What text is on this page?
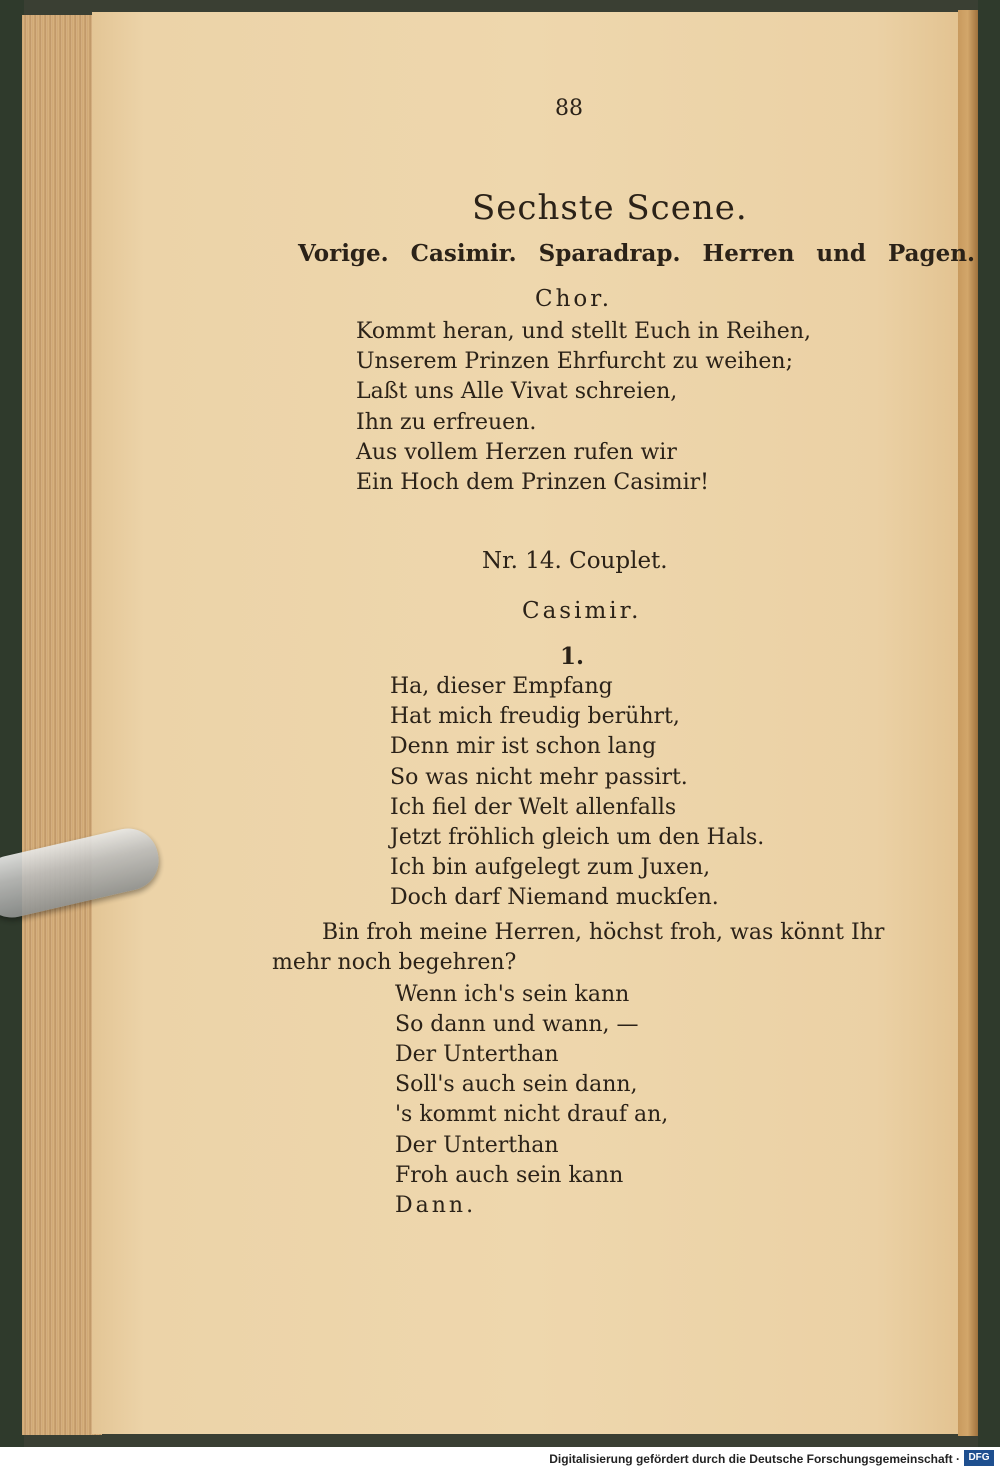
88
Sechste Scene.
Vorige. Casimir. Sparadrap. Herren und Pagen.
Chor.
Kommt heran, und stellt Euch in Reihen,
Unserem Prinzen Ehrfurcht zu weihen;
Laßt uns Alle Vivat schreien,
Ihn zu erfreuen.
Aus vollem Herzen rufen wir
Ein Hoch dem Prinzen Casimir!
Nr. 14. Couplet.
Casimir.
1.
Ha, dieser Empfang
Hat mich freudig berührt,
Denn mir ist schon lang
So was nicht mehr passirt.
Ich fiel der Welt allenfalls
Jetzt fröhlich gleich um den Hals.
Ich bin aufgelegt zum Juxen,
Doch darf Niemand muckſen.
Bin froh meine Herren, höchst froh, was könnt Ihr
mehr noch begehren?
Wenn ich's sein kann
So dann und wann, —
Der Unterthan
Soll's auch sein dann,
's kommt nicht drauf an,
Der Unterthan
Froh auch sein kann
Dann.
Digitalisierung gefördert durch die Deutsche Forschungsgemeinschaft · DFG
